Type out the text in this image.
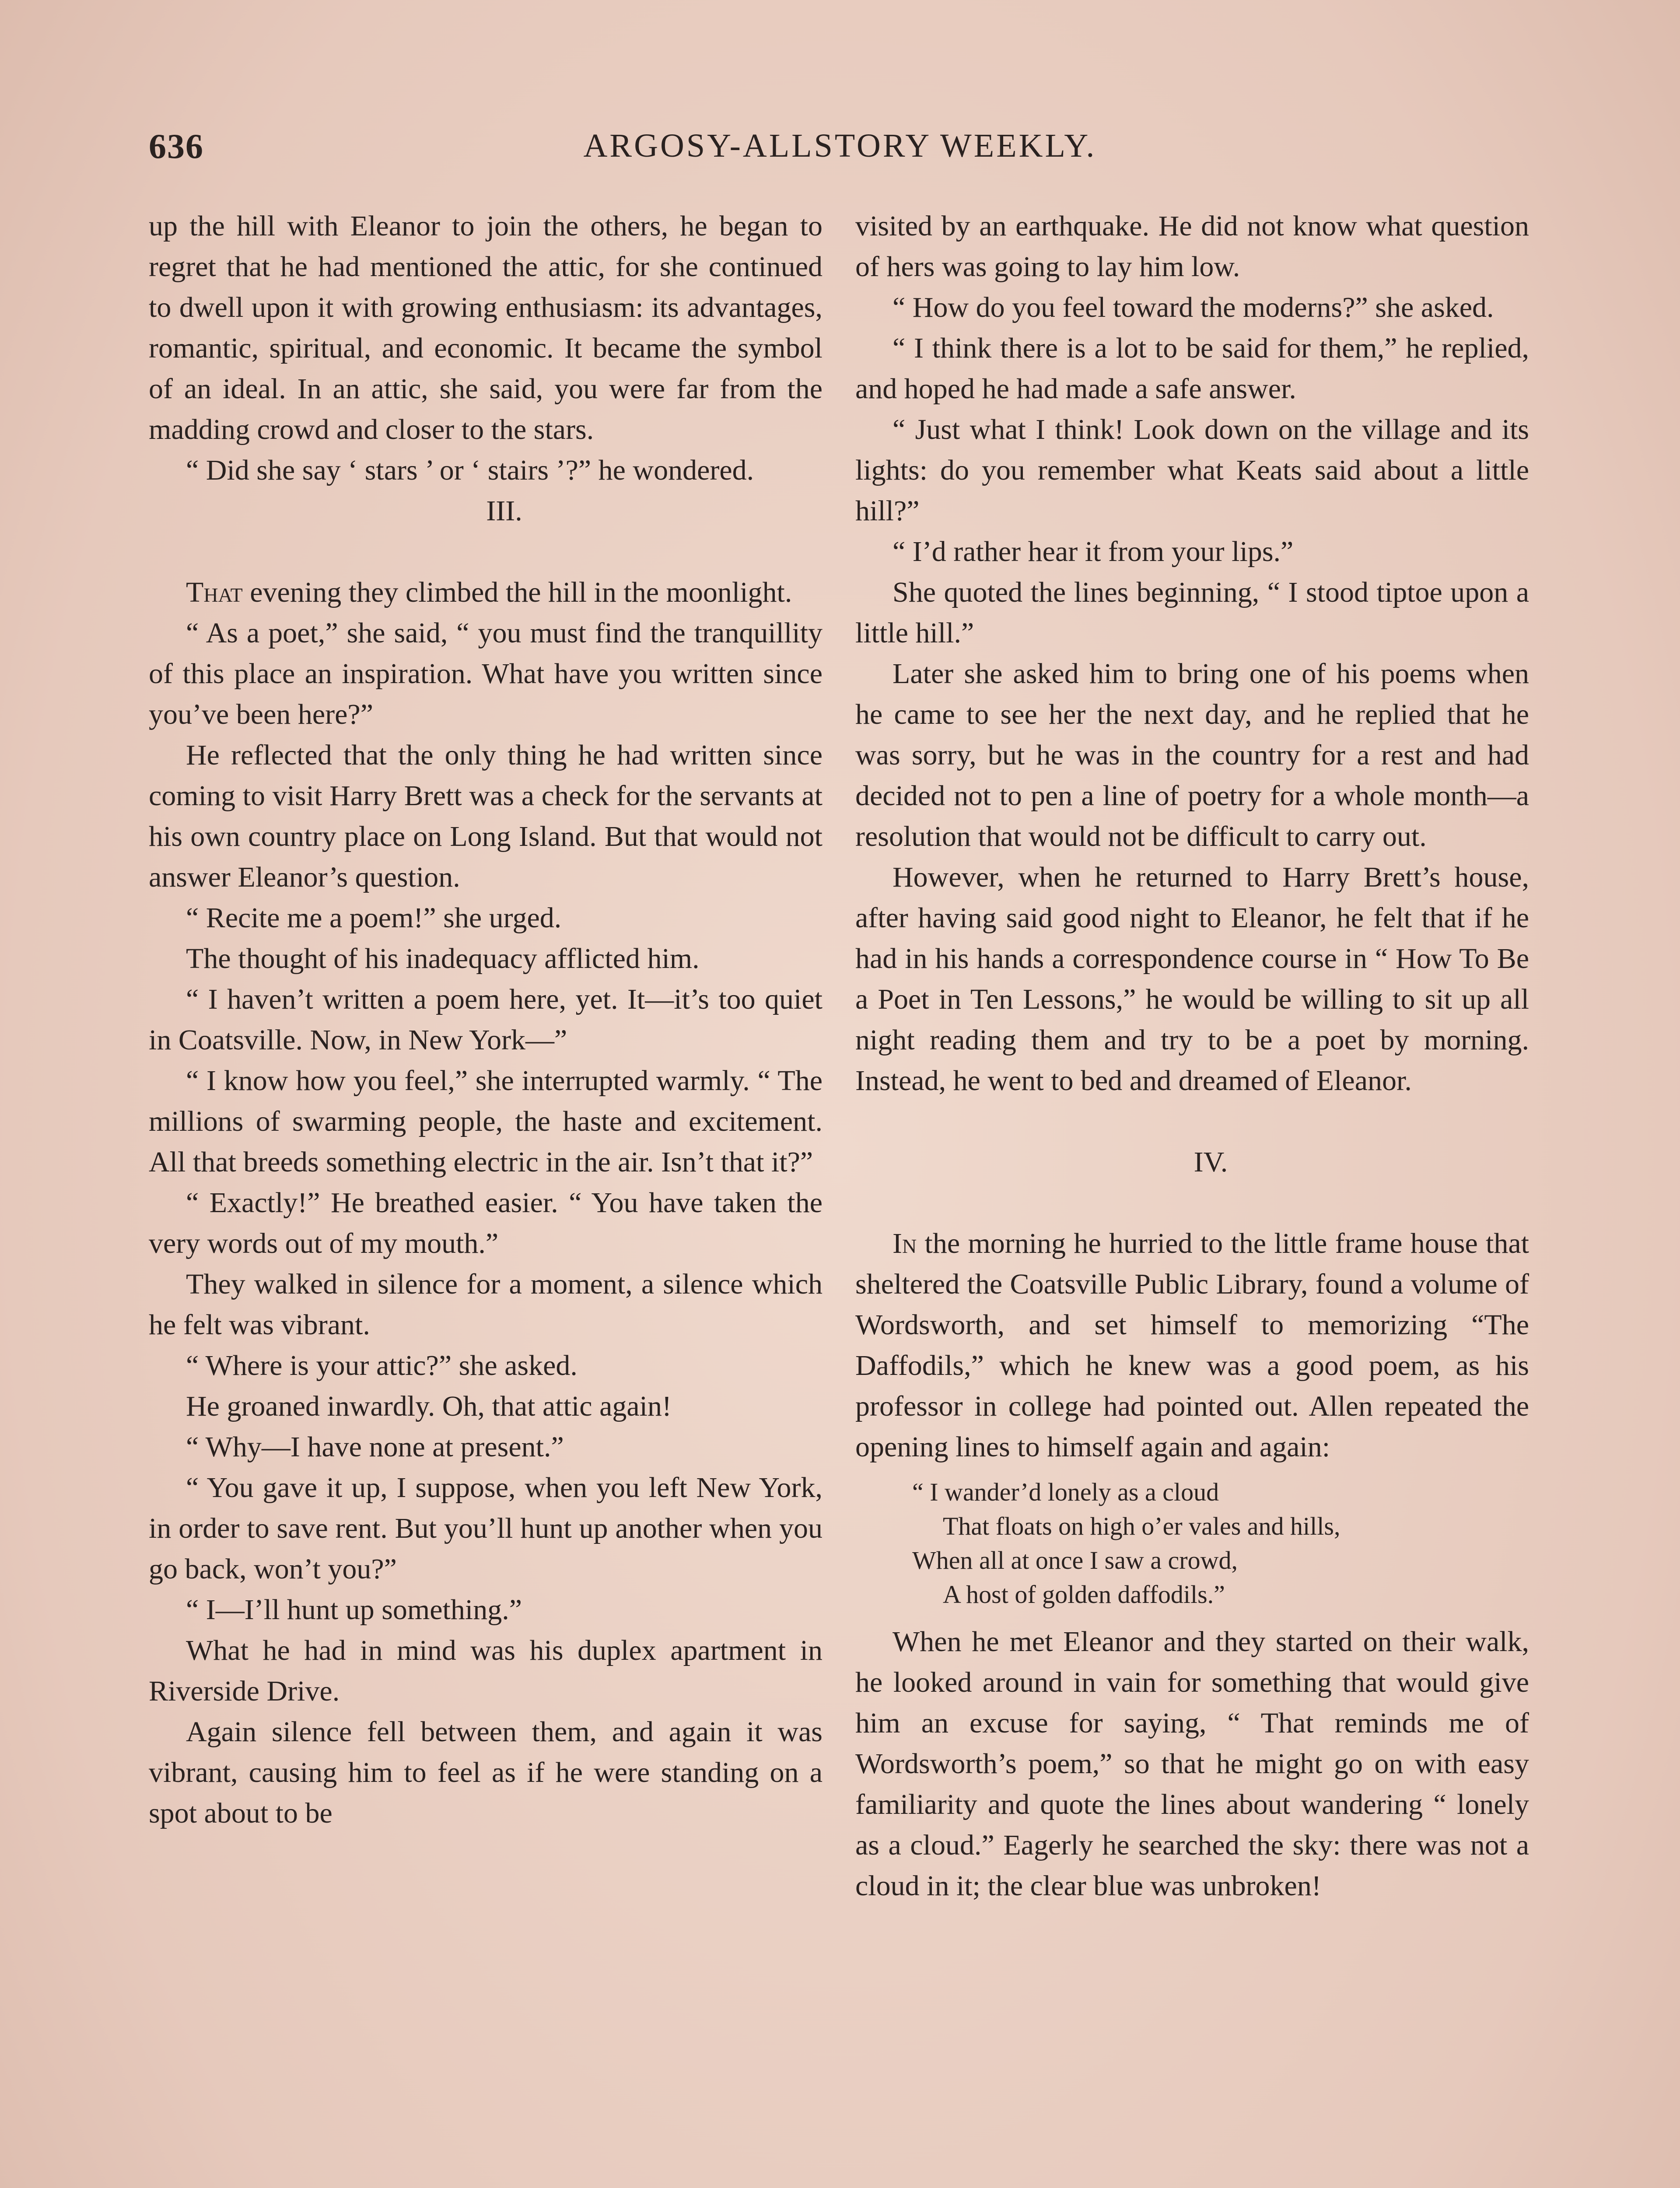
636	ARGOSY-ALLSTORY WEEKLY.

up the hill with Eleanor to join the others, he began to regret that he had mentioned the attic, for she continued to dwell upon it with growing enthusiasm: its advantages, romantic, spiritual, and economic. It became the symbol of an ideal. In an attic, she said, you were far from the madding crowd and closer to the stars.

“ Did she say ‘ stars ’ or ‘ stairs ’?” he wondered.

III.

That evening they climbed the hill in the moonlight.

“ As a poet,” she said, “ you must find the tranquillity of this place an inspiration. What have you written since you’ve been here?”

He reflected that the only thing he had written since coming to visit Harry Brett was a check for the servants at his own country place on Long Island. But that would not answer Eleanor’s question.

“ Recite me a poem!” she urged.

The thought of his inadequacy afflicted him.

“ I haven’t written a poem here, yet. It—it’s too quiet in Coatsville. Now, in New York—”

“ I know how you feel,” she interrupted warmly. “ The millions of swarming people, the haste and excitement. All that breeds something electric in the air. Isn’t that it?”

“ Exactly!” He breathed easier. “ You have taken the very words out of my mouth.”

They walked in silence for a moment, a silence which he felt was vibrant.

“ Where is your attic?” she asked.

He groaned inwardly. Oh, that attic again!

“ Why—I have none at present.”

“ You gave it up, I suppose, when you left New York, in order to save rent. But you’ll hunt up another when you go back, won’t you?”

“ I—I’ll hunt up something.”

What he had in mind was his duplex apartment in Riverside Drive.

Again silence fell between them, and again it was vibrant, causing him to feel as if he were standing on a spot about to be

visited by an earthquake. He did not know what question of hers was going to lay him low.

“ How do you feel toward the moderns?” she asked.

“ I think there is a lot to be said for them,” he replied, and hoped he had made a safe answer.

“ Just what I think! Look down on the village and its lights: do you remember what Keats said about a little hill?”

“ I’d rather hear it from your lips.”

She quoted the lines beginning, “ I stood tiptoe upon a little hill.”

Later she asked him to bring one of his poems when he came to see her the next day, and he replied that he was sorry, but he was in the country for a rest and had decided not to pen a line of poetry for a whole month—a resolution that would not be difficult to carry out.

However, when he returned to Harry Brett’s house, after having said good night to Eleanor, he felt that if he had in his hands a correspondence course in “ How To Be a Poet in Ten Lessons,” he would be willing to sit up all night reading them and try to be a poet by morning. Instead, he went to bed and dreamed of Eleanor.

IV.

In the morning he hurried to the little frame house that sheltered the Coatsville Public Library, found a volume of Wordsworth, and set himself to memorizing “The Daffodils,” which he knew was a good poem, as his professor in college had pointed out. Allen repeated the opening lines to himself again and again:

“ I wander’d lonely as a cloud
That floats on high o’er vales and hills,
When all at once I saw a crowd,
A host of golden daffodils.”

When he met Eleanor and they started on their walk, he looked around in vain for something that would give him an excuse for saying, “ That reminds me of Wordsworth’s poem,” so that he might go on with easy familiarity and quote the lines about wandering “ lonely as a cloud.” Eagerly he searched the sky: there was not a cloud in it; the clear blue was unbroken!
